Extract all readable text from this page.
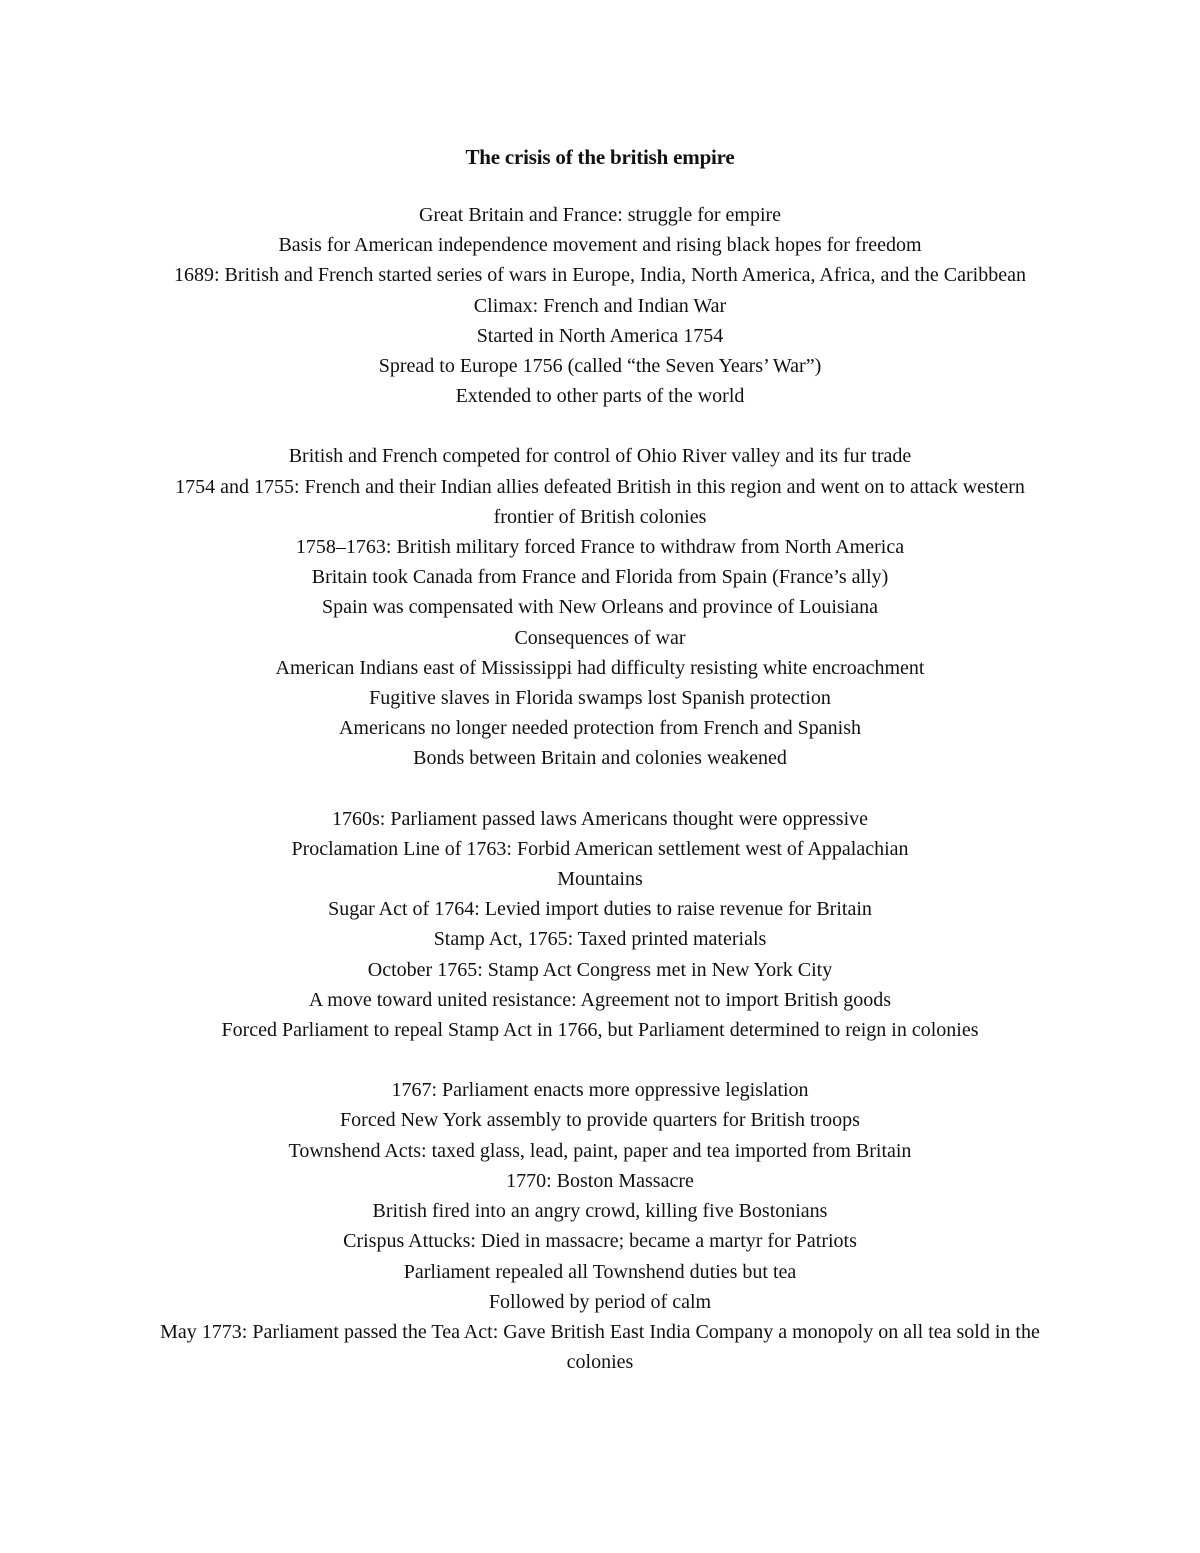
The crisis of the british empire

Great Britain and France: struggle for empire

Basis for American independence movement and rising black hopes for freedom

1689: British and French started series of wars in Europe, India, North America, Africa, and the Caribbean

Climax: French and Indian War

Started in North America 1754

Spread to Europe 1756 (called “the Seven Years’ War”)

Extended to other parts of the world

British and French competed for control of Ohio River valley and its fur trade

1754 and 1755: French and their Indian allies defeated British in this region and went on to attack western frontier of British colonies

1758–1763: British military forced France to withdraw from North America

Britain took Canada from France and Florida from Spain (France’s ally)

Spain was compensated with New Orleans and province of Louisiana

Consequences of war

American Indians east of Mississippi had difficulty resisting white encroachment

Fugitive slaves in Florida swamps lost Spanish protection

Americans no longer needed protection from French and Spanish

Bonds between Britain and colonies weakened

1760s: Parliament passed laws Americans thought were oppressive

Proclamation Line of 1763: Forbid American settlement west of Appalachian Mountains

Sugar Act of 1764: Levied import duties to raise revenue for Britain

Stamp Act, 1765: Taxed printed materials

October 1765: Stamp Act Congress met in New York City

A move toward united resistance: Agreement not to import British goods

Forced Parliament to repeal Stamp Act in 1766, but Parliament determined to reign in colonies

1767: Parliament enacts more oppressive legislation

Forced New York assembly to provide quarters for British troops

Townshend Acts: taxed glass, lead, paint, paper and tea imported from Britain

1770: Boston Massacre

British fired into an angry crowd, killing five Bostonians

Crispus Attucks: Died in massacre; became a martyr for Patriots

Parliament repealed all Townshend duties but tea

Followed by period of calm

May 1773: Parliament passed the Tea Act: Gave British East India Company a monopoly on all tea sold in the colonies
